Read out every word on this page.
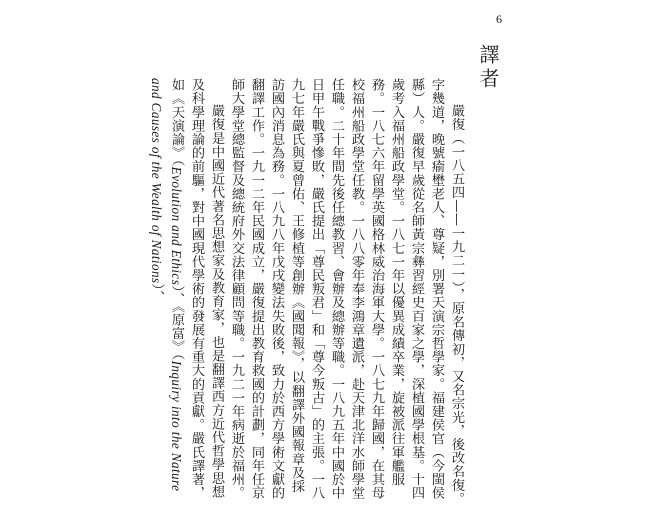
6
譯者

嚴復（一八五四——一九二一），原名傳初，又名宗光，後改名復。字幾道，晚號瘉壄老人、尊疑，別署天演宗哲學家。福建侯官（今閩侯縣）人。嚴復早歲從名師黃宗彝習經史百家之學，深植國學根基。十四歲考入福州船政學堂。一八七一年以優異成績卒業，旋被派往軍艦服務。一八七六年留學英國格林威治海軍大學。一八七九年歸國，在其母校福州船政學堂任教。一八八零年奉李鴻章遺派，赴天津北洋水師學堂任職。二十年間先後任總教習、會辦及總辦等職。一八九五年中國於中日甲午戰爭慘敗，嚴氏提出「尊民叛君」和「尊今叛古」的主張。一八九七年嚴氏與夏曾佑、王修植等創辦《國聞報》，以翻譯外國報章及採訪國內消息為務。一八九八年戊戌變法失敗後，致力於西方學術文獻的翻譯工作。一九一二年民國成立，嚴復提出教育救國的計劃，同年任京師大學堂總監督及總統府外交法律顧問等職。一九二一年病逝於福州。

嚴復是中國近代著名思想家及教育家，也是翻譯西方近代哲學思想及科學理論的前驅，對中國現代學術的發展有重大的貢獻。嚴氏譯著，如《天演論》（Evolution and Ethics）、《原富》（Inquiry into the Nature and Causes of the Wealth of Nations）、
